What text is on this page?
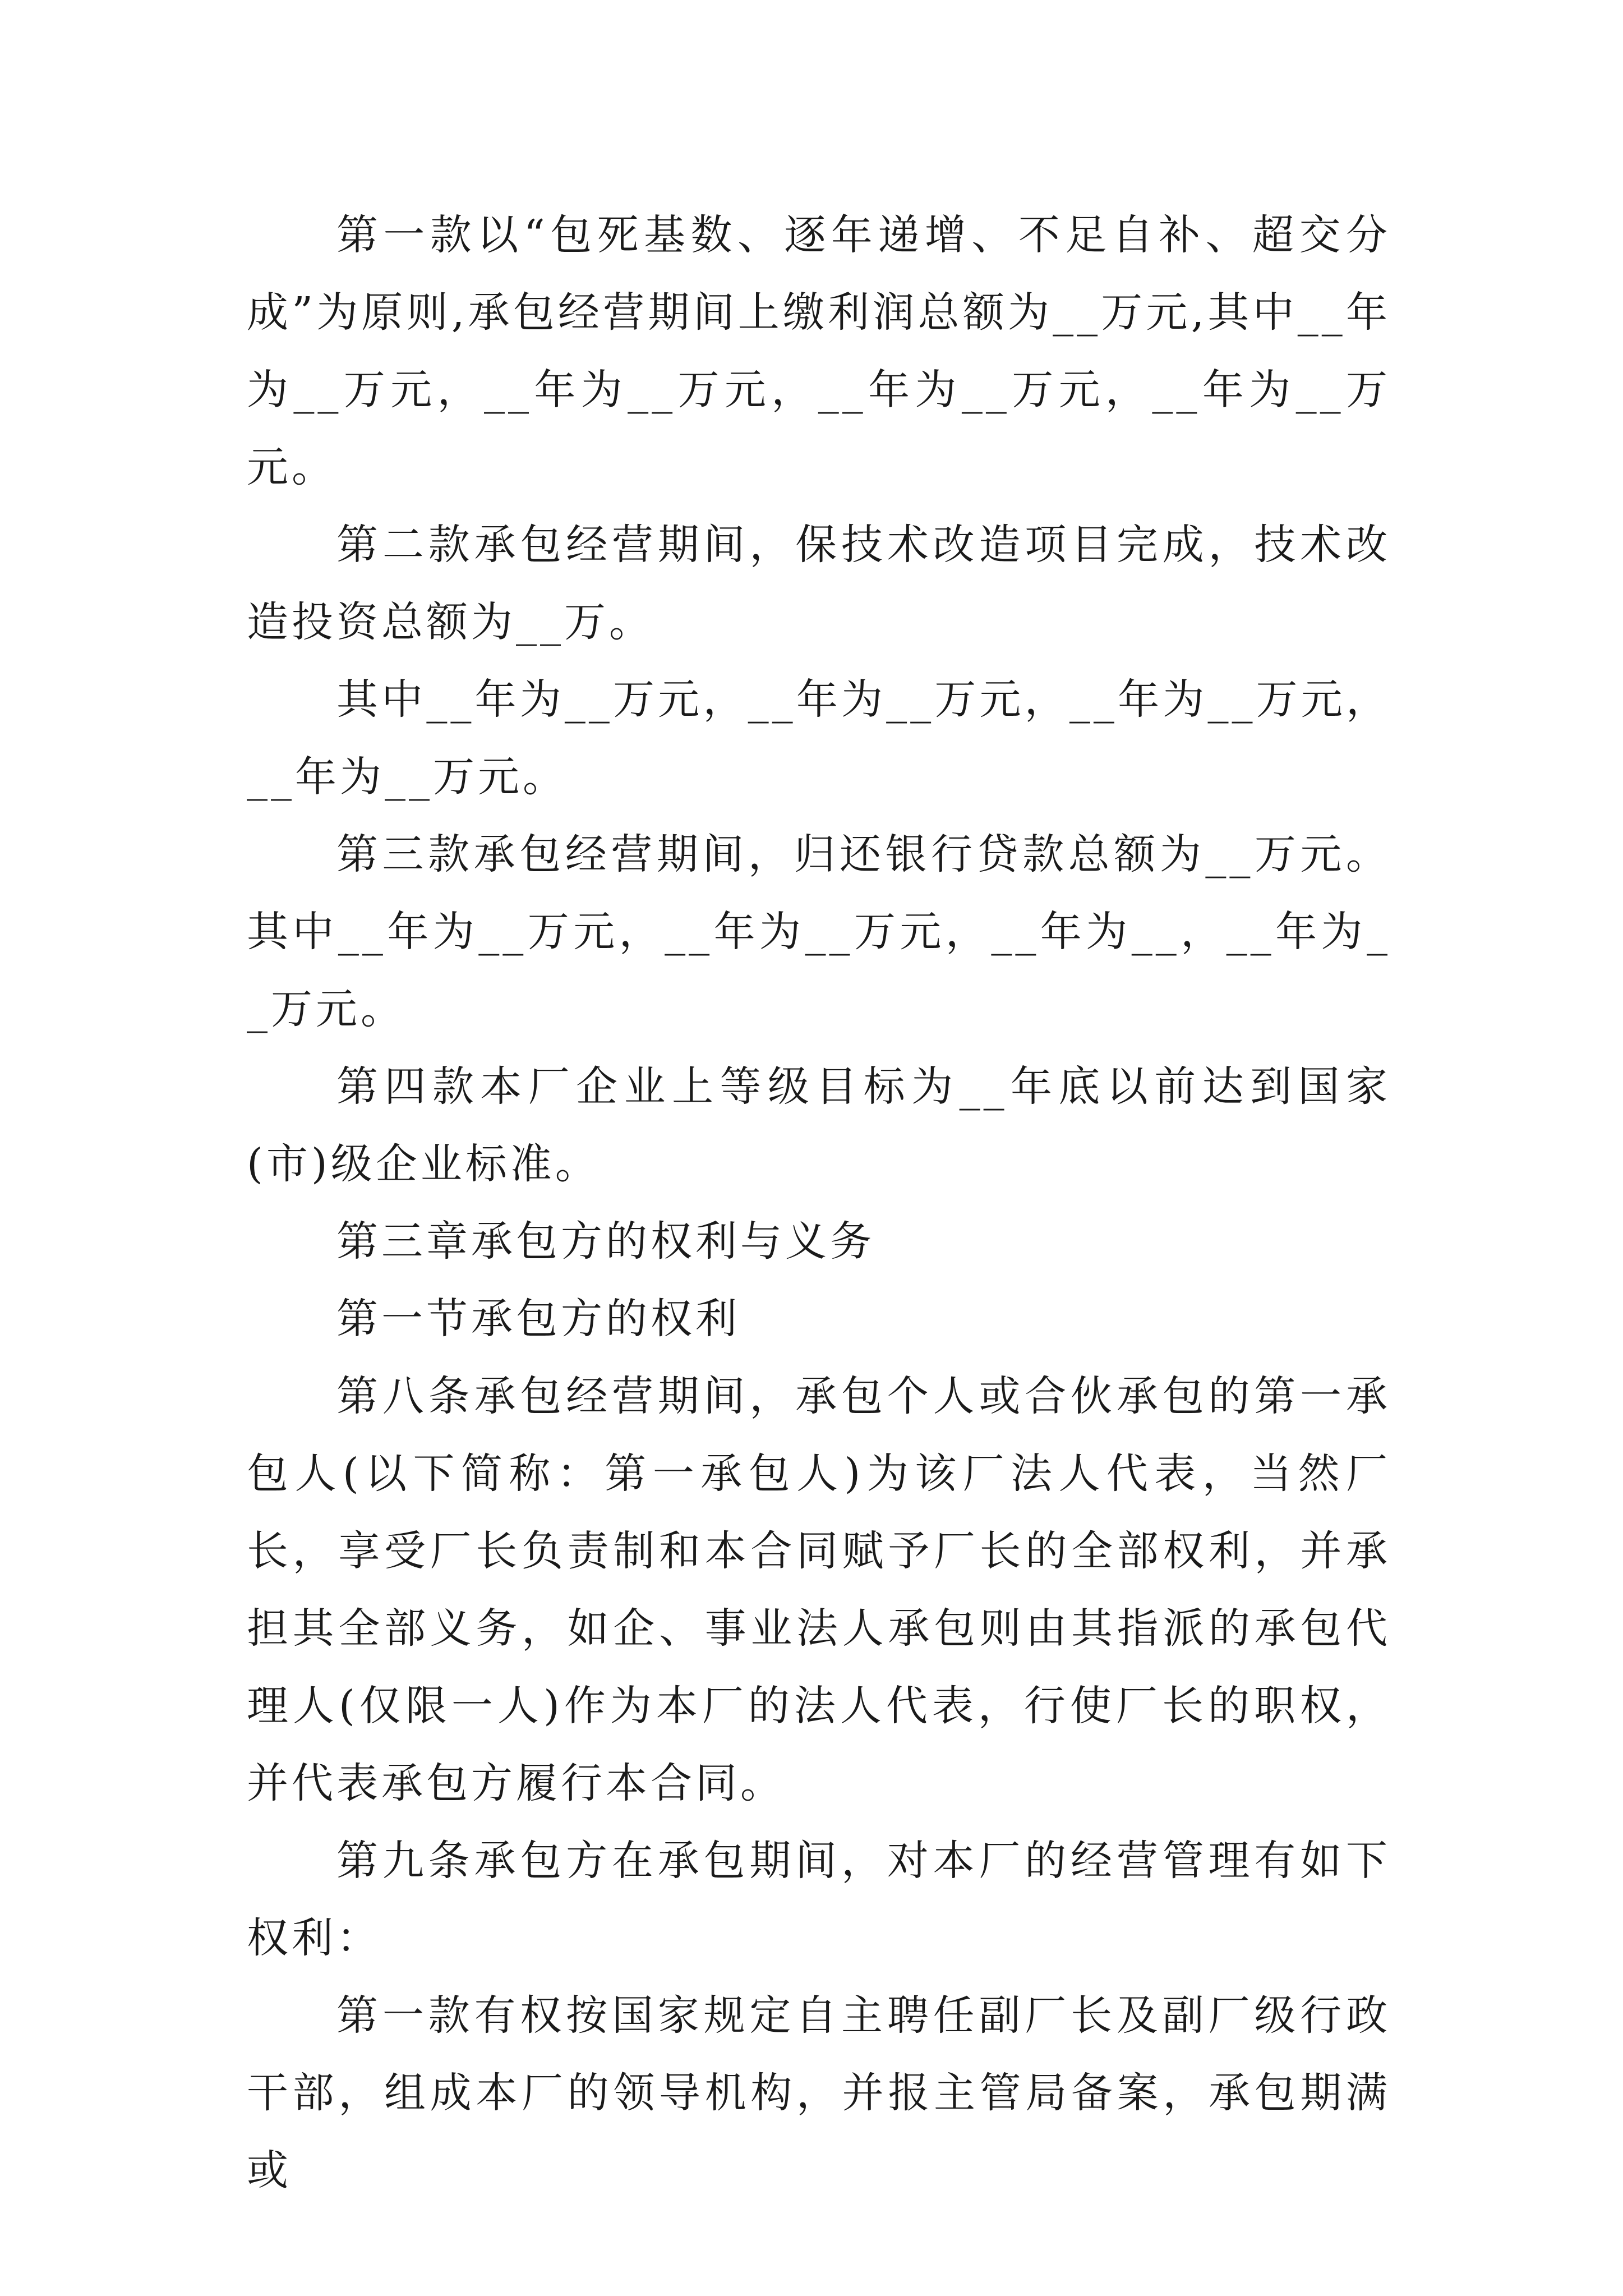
第一款以“包死基数、逐年递增、不足自补、超交分成”为原则,承包经营期间上缴利润总额为__万元,其中__年为__万元，__年为__万元，__年为__万元，__年为__万元。

第二款承包经营期间，保技术改造项目完成，技术改造投资总额为__万。

其中__年为__万元，__年为__万元，__年为__万元，__年为__万元。

第三款承包经营期间，归还银行贷款总额为__万元。其中__年为__万元，__年为__万元，__年为__，__年为_ _万元。

第四款本厂企业上等级目标为__年底以前达到国家(市)级企业标准。

第三章承包方的权利与义务

第一节承包方的权利

第八条承包经营期间，承包个人或合伙承包的第一承包人(以下简称：第一承包人)为该厂法人代表，当然厂长，享受厂长负责制和本合同赋予厂长的全部权利，并承担其全部义务，如企、事业法人承包则由其指派的承包代理人(仅限一人)作为本厂的法人代表，行使厂长的职权，并代表承包方履行本合同。

第九条承包方在承包期间，对本厂的经营管理有如下权利：

第一款有权按国家规定自主聘任副厂长及副厂级行政干部，组成本厂的领导机构，并报主管局备案，承包期满或
